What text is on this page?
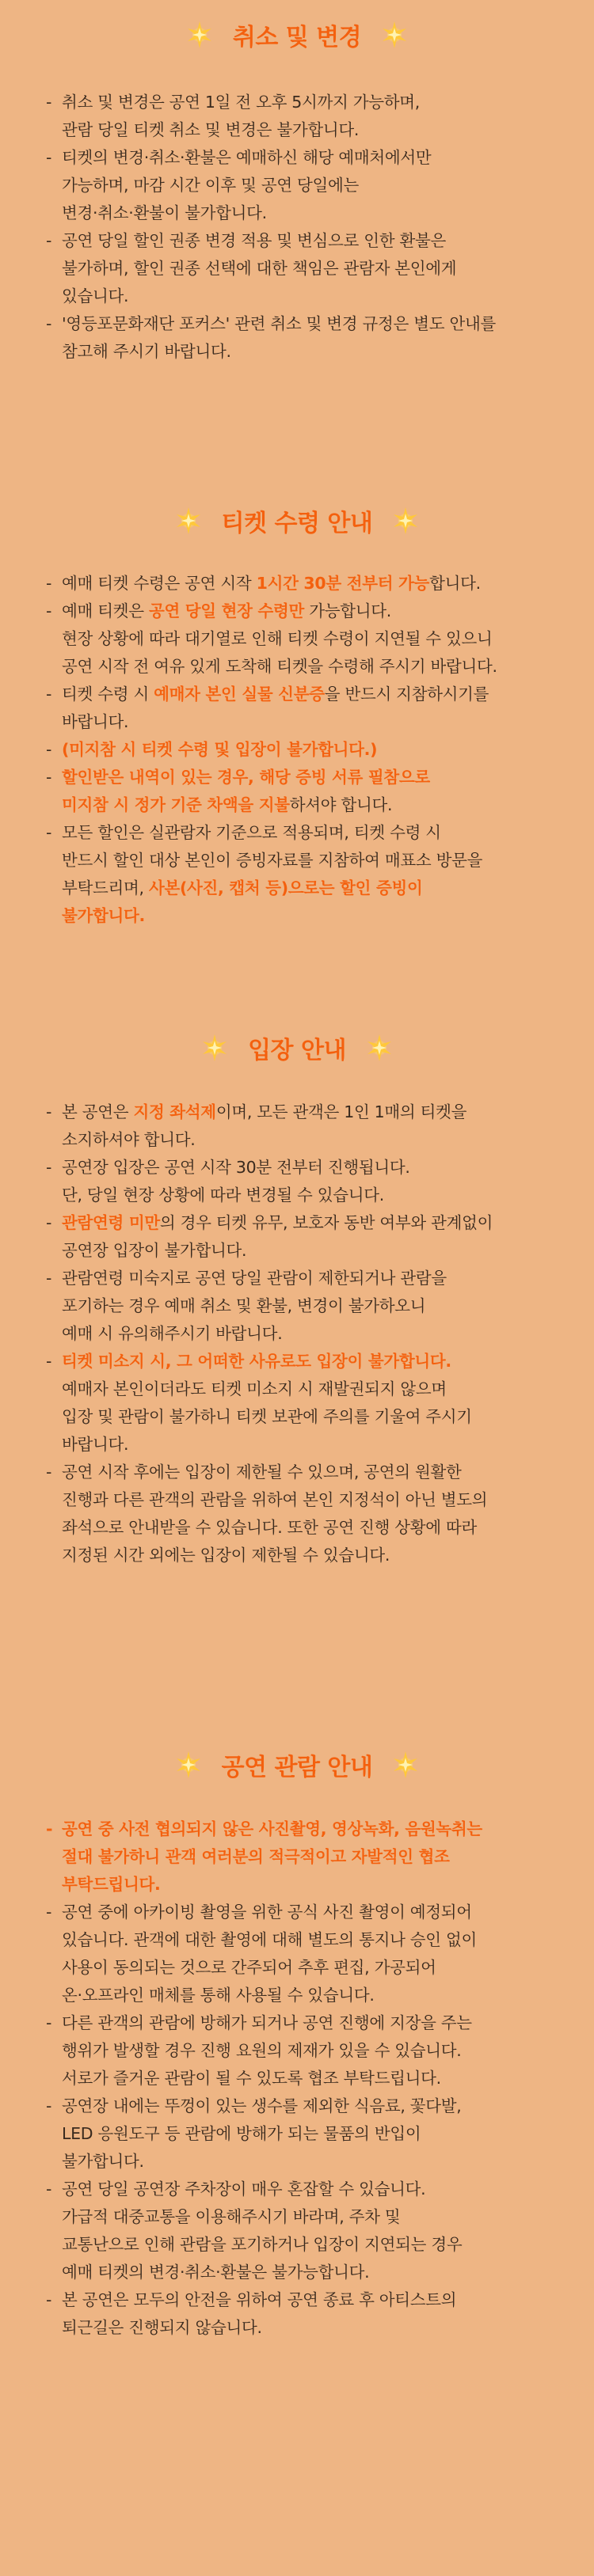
취소 및 변경
- 취소 및 변경은 공연 1일 전 오후 5시까지 가능하며,
관람 당일 티켓 취소 및 변경은 불가합니다.
- 티켓의 변경·취소·환불은 예매하신 해당 예매처에서만
가능하며, 마감 시간 이후 및 공연 당일에는
변경·취소·환불이 불가합니다.
- 공연 당일 할인 권종 변경 적용 및 변심으로 인한 환불은
불가하며, 할인 권종 선택에 대한 책임은 관람자 본인에게
있습니다.
- '영등포문화재단 포커스' 관련 취소 및 변경 규정은 별도 안내를
참고해 주시기 바랍니다.
티켓 수령 안내
- 예매 티켓 수령은 공연 시작 1시간 30분 전부터 가능합니다.
- 예매 티켓은 공연 당일 현장 수령만 가능합니다.
현장 상황에 따라 대기열로 인해 티켓 수령이 지연될 수 있으니
공연 시작 전 여유 있게 도착해 티켓을 수령해 주시기 바랍니다.
- 티켓 수령 시 예매자 본인 실물 신분증을 반드시 지참하시기를
바랍니다.
- (미지참 시 티켓 수령 및 입장이 불가합니다.)
- 할인받은 내역이 있는 경우, 해당 증빙 서류 필참으로
미지참 시 정가 기준 차액을 지불하셔야 합니다.
- 모든 할인은 실관람자 기준으로 적용되며, 티켓 수령 시
반드시 할인 대상 본인이 증빙자료를 지참하여 매표소 방문을
부탁드리며, 사본(사진, 캡처 등)으로는 할인 증빙이
불가합니다.
입장 안내
- 본 공연은 지정 좌석제이며, 모든 관객은 1인 1매의 티켓을
소지하셔야 합니다.
- 공연장 입장은 공연 시작 30분 전부터 진행됩니다.
단, 당일 현장 상황에 따라 변경될 수 있습니다.
- 관람연령 미만의 경우 티켓 유무, 보호자 동반 여부와 관계없이
공연장 입장이 불가합니다.
- 관람연령 미숙지로 공연 당일 관람이 제한되거나 관람을
포기하는 경우 예매 취소 및 환불, 변경이 불가하오니
예매 시 유의해주시기 바랍니다.
- 티켓 미소지 시, 그 어떠한 사유로도 입장이 불가합니다.
예매자 본인이더라도 티켓 미소지 시 재발권되지 않으며
입장 및 관람이 불가하니 티켓 보관에 주의를 기울여 주시기
바랍니다.
- 공연 시작 후에는 입장이 제한될 수 있으며, 공연의 원활한
진행과 다른 관객의 관람을 위하여 본인 지정석이 아닌 별도의
좌석으로 안내받을 수 있습니다. 또한 공연 진행 상황에 따라
지정된 시간 외에는 입장이 제한될 수 있습니다.
공연 관람 안내
- 공연 중 사전 협의되지 않은 사진촬영, 영상녹화, 음원녹취는
절대 불가하니 관객 여러분의 적극적이고 자발적인 협조
부탁드립니다.
- 공연 중에 아카이빙 촬영을 위한 공식 사진 촬영이 예정되어
있습니다. 관객에 대한 촬영에 대해 별도의 통지나 승인 없이
사용이 동의되는 것으로 간주되어 추후 편집, 가공되어
온·오프라인 매체를 통해 사용될 수 있습니다.
- 다른 관객의 관람에 방해가 되거나 공연 진행에 지장을 주는
행위가 발생할 경우 진행 요원의 제재가 있을 수 있습니다.
서로가 즐거운 관람이 될 수 있도록 협조 부탁드립니다.
- 공연장 내에는 뚜껑이 있는 생수를 제외한 식음료, 꽃다발,
LED 응원도구 등 관람에 방해가 되는 물품의 반입이
불가합니다.
- 공연 당일 공연장 주차장이 매우 혼잡할 수 있습니다.
가급적 대중교통을 이용해주시기 바라며, 주차 및
교통난으로 인해 관람을 포기하거나 입장이 지연되는 경우
예매 티켓의 변경·취소·환불은 불가능합니다.
- 본 공연은 모두의 안전을 위하여 공연 종료 후 아티스트의
퇴근길은 진행되지 않습니다.
